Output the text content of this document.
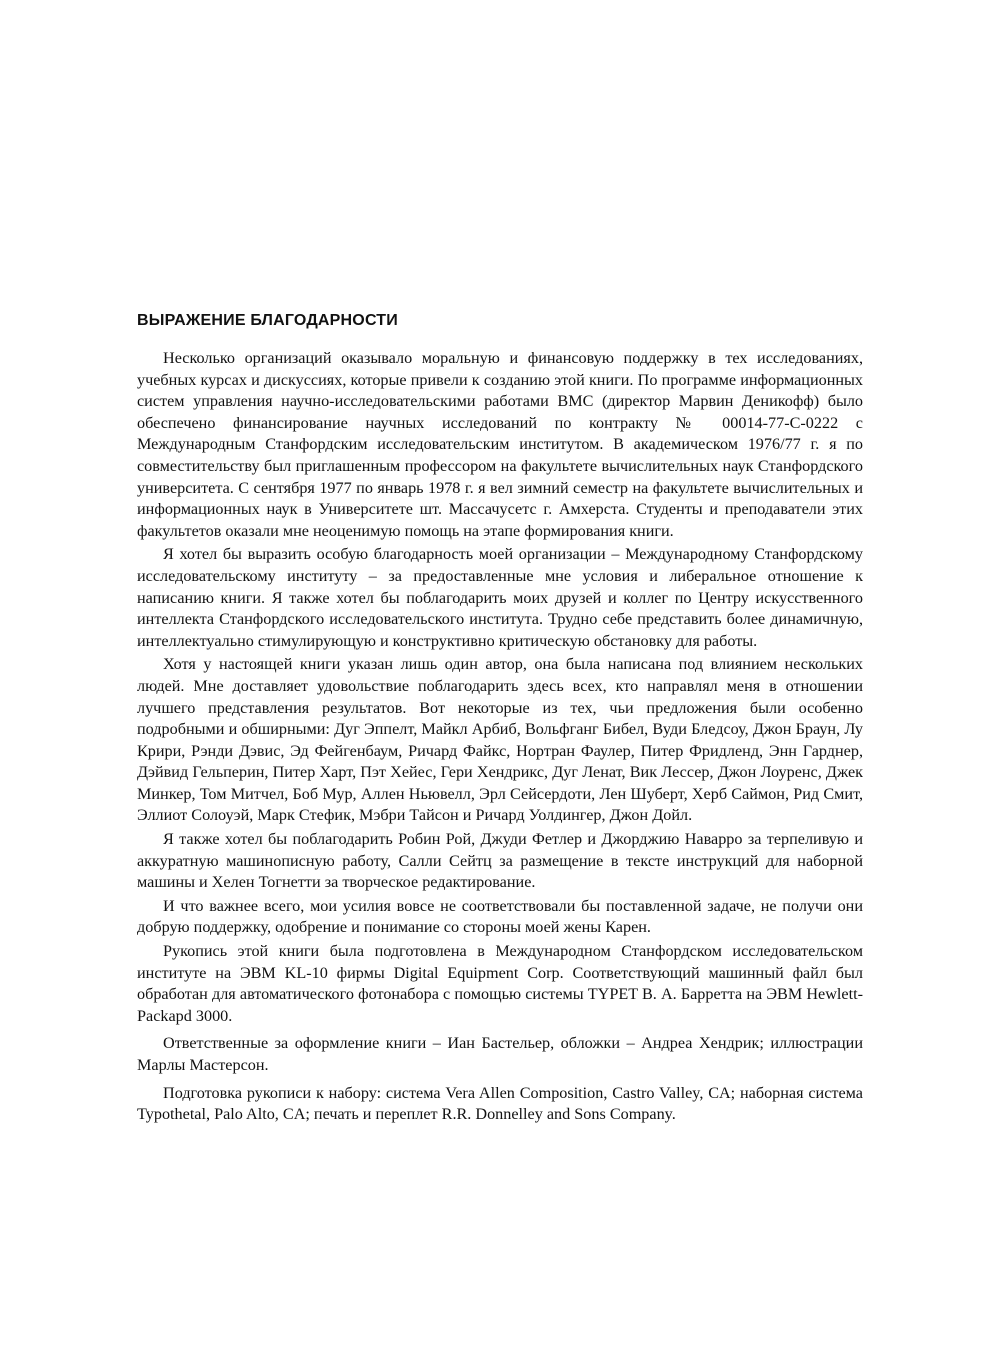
ВЫРАЖЕНИЕ БЛАГОДАРНОСТИ

Несколько организаций оказывало моральную и финансовую поддержку в тех исследованиях, учебных курсах и дискуссиях, которые привели к созданию этой книги. По программе информационных систем управления научно-исследовательскими работами ВМС (директор Марвин Деникофф) было обеспечено финансирование научных исследований по контракту № 00014-77-С-0222 с Международным Станфордским исследовательским институтом. В академическом 1976/77 г. я по совместительству был приглашенным профессором на факультете вычислительных наук Станфордского университета. С сентября 1977 по январь 1978 г. я вел зимний семестр на факультете вычислительных и информационных наук в Университете шт. Массачусетс г. Амхерста. Студенты и преподаватели этих факультетов оказали мне неоценимую помощь на этапе формирования книги.

Я хотел бы выразить особую благодарность моей организации – Международному Станфордскому исследовательскому институту – за предоставленные мне условия и либеральное отношение к написанию книги. Я также хотел бы поблагодарить моих друзей и коллег по Центру искусственного интеллекта Станфордского исследовательского института. Трудно себе представить более динамичную, интеллектуально стимулирующую и конструктивно критическую обстановку для работы.

Хотя у настоящей книги указан лишь один автор, она была написана под влиянием нескольких людей. Мне доставляет удовольствие поблагодарить здесь всех, кто направлял меня в отношении лучшего представления результатов. Вот некоторые из тех, чьи предложения были особенно подробными и обширными: Дуг Эппелт, Майкл Арбиб, Вольфганг Бибел, Вуди Бледсоу, Джон Браун, Лу Крири, Рэнди Дэвис, Эд Фейгенбаум, Ричард Файкс, Нортран Фаулер, Питер Фридленд, Энн Гарднер, Дэйвид Гельперин, Питер Харт, Пэт Хейес, Гери Хендрикс, Дуг Ленат, Вик Лессер, Джон Лоуренс, Джек Минкер, Том Митчел, Боб Мур, Аллен Ньювелл, Эрл Сейсердоти, Лен Шуберт, Херб Саймон, Рид Смит, Эллиот Солоуэй, Марк Стефик, Мэбри Тайсон и Ричард Уолдингер, Джон Дойл.

Я также хотел бы поблагодарить Робин Рой, Джуди Фетлер и Джорджию Наварро за терпеливую и аккуратную машинописную работу, Салли Сейтц за размещение в тексте инструкций для наборной машины и Хелен Тогнетти за творческое редактирование.

И что важнее всего, мои усилия вовсе не соответствовали бы поставленной задаче, не получи они добрую поддержку, одобрение и понимание со стороны моей жены Карен.

Рукопись этой книги была подготовлена в Международном Станфордском исследовательском институте на ЭВМ KL-10 фирмы Digital Equipment Corp. Соответствующий машинный файл был обработан для автоматического фотонабора с помощью системы TYPET В. А. Барретта на ЭВМ Hewlett-Packapd 3000.

Ответственные за оформление книги – Иан Бастельер, обложки – Андреа Хендрик; иллюстрации Марлы Мастерсон.

Подготовка рукописи к набору: система Vera Allen Composition, Castro Valley, CA; наборная система Typothetal, Palo Alto, CA; печать и переплет R.R. Donnelley and Sons Company.
